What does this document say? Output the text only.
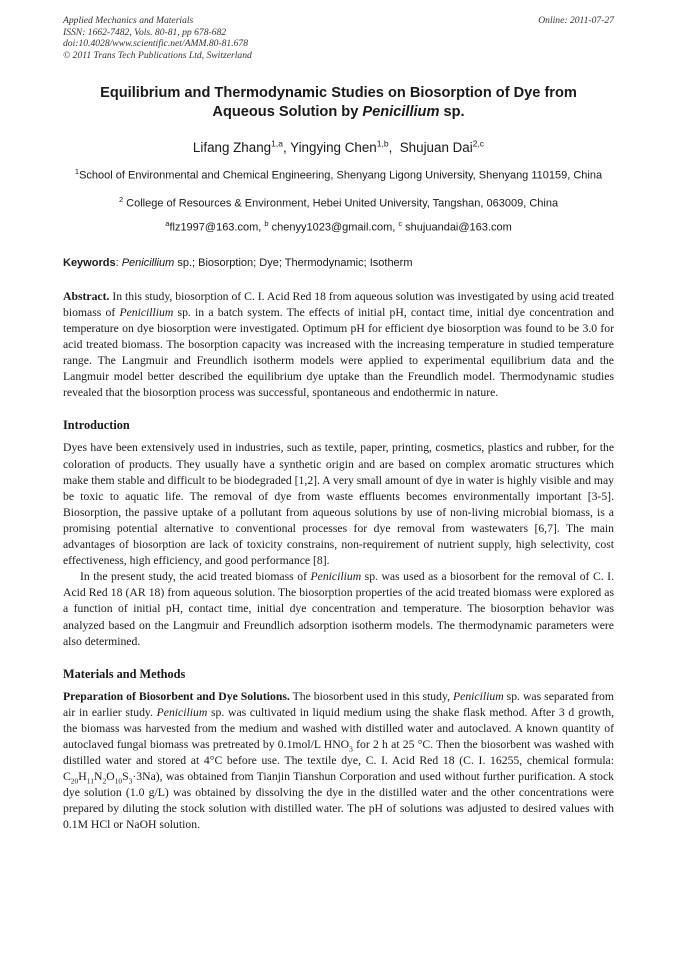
Applied Mechanics and Materials
ISSN: 1662-7482, Vols. 80-81, pp 678-682
doi:10.4028/www.scientific.net/AMM.80-81.678
© 2011 Trans Tech Publications Ltd, Switzerland
Online: 2011-07-27
Equilibrium and Thermodynamic Studies on Biosorption of Dye from
Aqueous Solution by Penicillium sp.
Lifang Zhang$^{1,a}$, Yingying Chen$^{1,b}$,  Shujuan Dai$^{2,c}$
$^1$School of Environmental and Chemical Engineering, Shenyang Ligong University, Shenyang 110159, China
$^2$ College of Resources & Environment, Hebei United University, Tangshan, 063009, China
$^a$flz1997@163.com, $^b$ chenyy1023@gmail.com, $^c$ shujuandai@163.com
Keywords: Penicillium sp.; Biosorption; Dye; Thermodynamic; Isotherm

Abstract. In this study, biosorption of C. I. Acid Red 18 from aqueous solution was investigated by using acid treated biomass of Penicillium sp. in a batch system. The effects of initial pH, contact time, initial dye concentration and temperature on dye biosorption were investigated. Optimum pH for efficient dye biosorption was found to be 3.0 for acid treated biomass. The bosorption capacity was increased with the increasing temperature in studied temperature range. The Langmuir and Freundlich isotherm models were applied to experimental equilibrium data and the Langmuir model better described the equilibrium dye uptake than the Freundlich model. Thermodynamic studies revealed that the biosorption process was successful, spontaneous and endothermic in nature.

Introduction

Dyes have been extensively used in industries, such as textile, paper, printing, cosmetics, plastics and rubber, for the coloration of products. They usually have a synthetic origin and are based on complex aromatic structures which make them stable and difficult to be biodegraded [1,2]. A very small amount of dye in water is highly visible and may be toxic to aquatic life. The removal of dye from waste effluents becomes environmentally important [3-5]. Biosorption, the passive uptake of a pollutant from aqueous solutions by use of non-living microbial biomass, is a promising potential alternative to conventional processes for dye removal from wastewaters [6,7]. The main advantages of biosorption are lack of toxicity constrains, non-requirement of nutrient supply, high selectivity, cost effectiveness, high efficiency, and good performance [8].

In the present study, the acid treated biomass of Penicilium sp. was used as a biosorbent for the removal of C. I. Acid Red 18 (AR 18) from aqueous solution. The biosorption properties of the acid treated biomass were explored as a function of initial pH, contact time, initial dye concentration and temperature. The biosorption behavior was analyzed based on the Langmuir and Freundlich adsorption isotherm models. The thermodynamic parameters were also determined.

Materials and Methods

Preparation of Biosorbent and Dye Solutions. The biosorbent used in this study, Penicilium sp. was separated from air in earlier study. Penicilium sp. was cultivated in liquid medium using the shake flask method. After 3 d growth, the biomass was harvested from the medium and washed with distilled water and autoclaved. A known quantity of autoclaved fungal biomass was pretreated by 0.1mol/L $HNO_3$ for 2 h at 25 °C. Then the biosorbent was washed with distilled water and stored at 4°C before use. The textile dye, C. I. Acid Red 18 (C. I. 16255, chemical formula: $C_{20}H_{11}N_2O_{10}S_3\cdot 3Na$), was obtained from Tianjin Tianshun Corporation and used without further purification. A stock dye solution (1.0 g/L) was obtained by dissolving the dye in the distilled water and the other concentrations were prepared by diluting the stock solution with distilled water. The pH of solutions was adjusted to desired values with 0.1M HCl or NaOH solution.
